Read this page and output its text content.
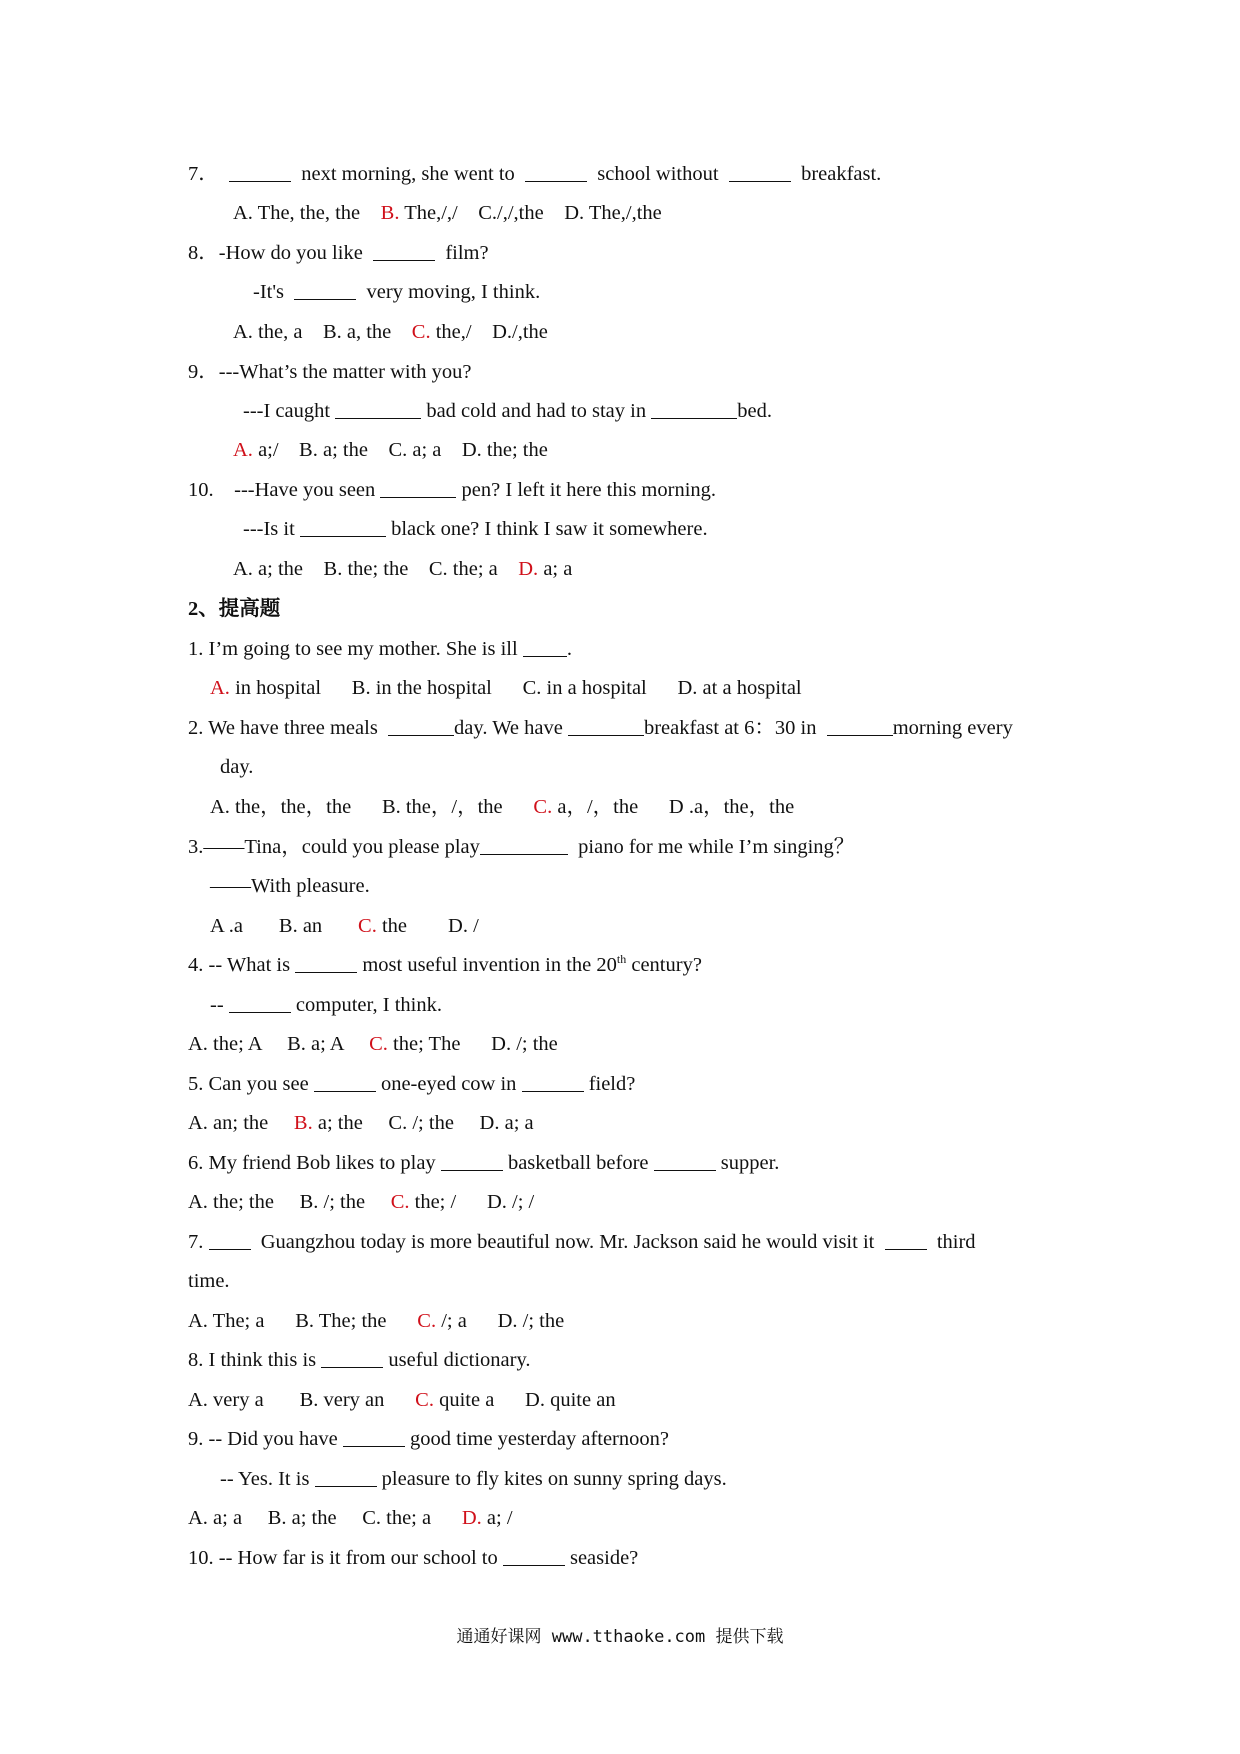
7．	next morning, she went to	school without	breakfast.
A. The, the, the    B. The,/,/    C./,/,the    D. The,/,the
8．-How do you like	film?
-It's	very moving, I think.
A. the, a    B. a, the    C. the,/    D./,the
9．---What’s the matter with you?
---I caught	bad cold and had to stay in	bed.
A. a;/    B. a; the    C. a; a    D. the; the
10.    ---Have you seen	pen? I left it here this morning.
---Is it	black one? I think I saw it somewhere.
A. a; the    B. the; the    C. the; a    D. a; a
2、提高题
1. I’m going to see my mother. She is ill .
A. in hospital      B. in the hospital      C. in a hospital      D. at a hospital
2. We have three meals	day. We have	breakfast at 6：30 in	morning every
day.
A. the，the，the      B. the，/，the      C. a，/，the      D .a，the，the
3.——Tina，could you please play	piano for me while I’m singing？
——With pleasure.
A .a       B. an       C. the        D. /
4. -- What is	most useful invention in the 20th century?
--	computer, I think.
A. the; A     B. a; A     C. the; The      D. /; the
5. Can you see	one-eyed cow in	field?
A. an; the     B. a; the     C. /; the     D. a; a
6. My friend Bob likes to play	basketball before	supper.
A. the; the     B. /; the     C. the; /      D. /; /
7.   Guangzhou today is more beautiful now. Mr. Jackson said he would visit it    third
time.
A. The; a      B. The; the      C. /; a      D. /; the
8. I think this is	useful dictionary.
A. very a       B. very an      C. quite a      D. quite an
9. -- Did you have	good time yesterday afternoon?
-- Yes. It is	pleasure to fly kites on sunny spring days.
A. a; a     B. a; the     C. the; a      D. a; /
10. -- How far is it from our school to	seaside?
通通好课网 www.tthaoke.com 提供下载
